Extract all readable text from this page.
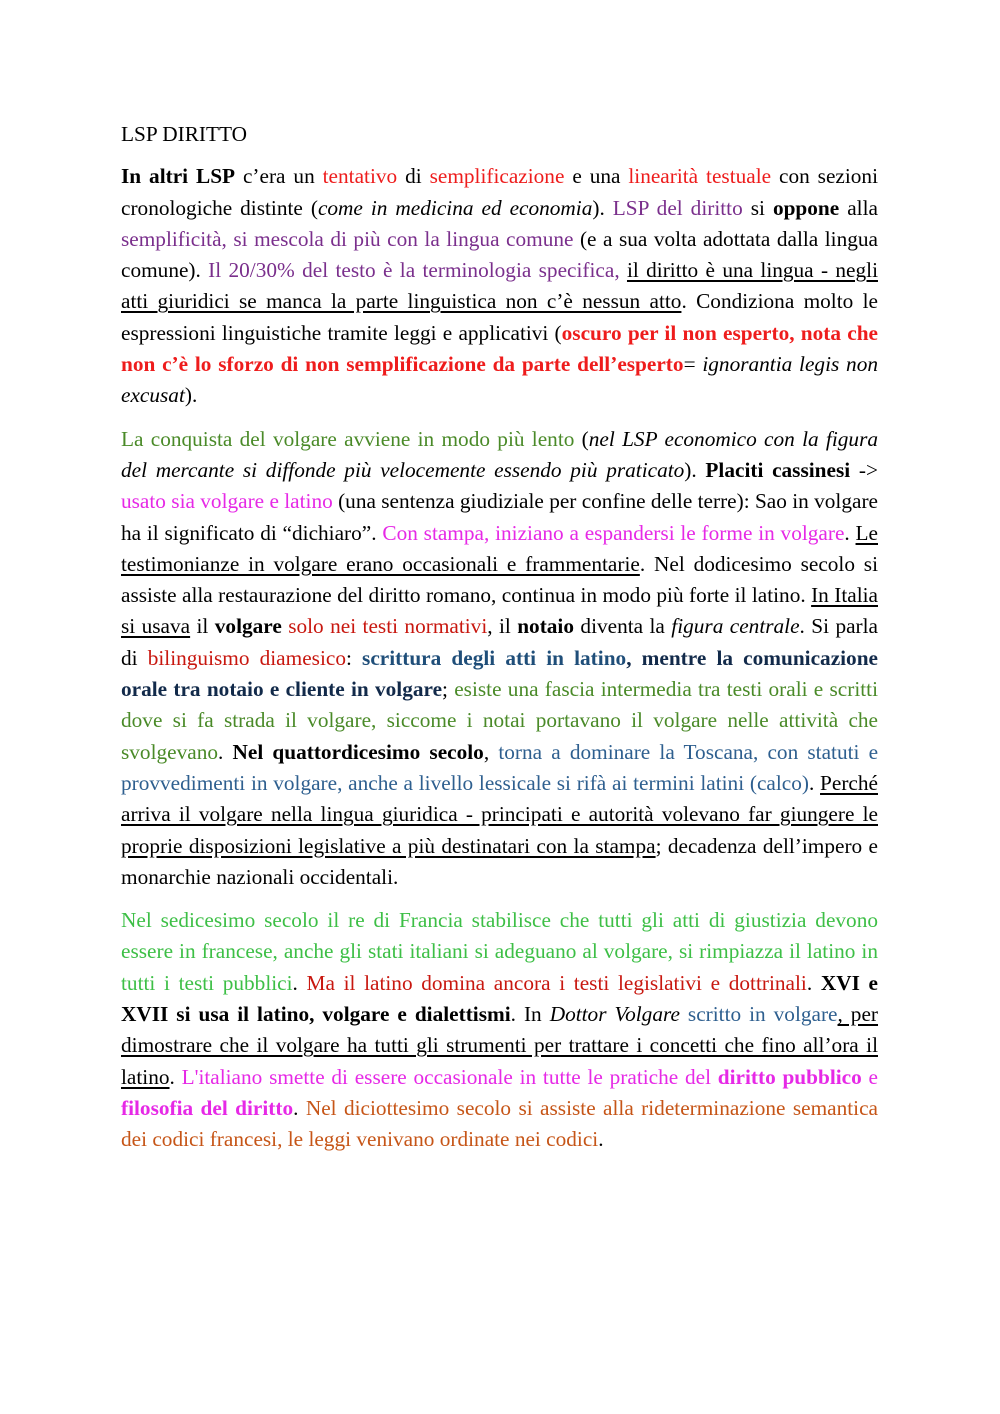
LSP DIRITTO

In altri LSP c’era un tentativo di semplificazione e una linearità testuale con sezioni cronologiche distinte (come in medicina ed economia). LSP del diritto si oppone alla semplificità, si mescola di più con la lingua comune (e a sua volta adottata dalla lingua comune). Il 20/30% del testo è la terminologia specifica, il diritto è una lingua - negli atti giuridici se manca la parte linguistica non c’è nessun atto. Condiziona molto le espressioni linguistiche tramite leggi e applicativi (oscuro per il non esperto, nota che non c’è lo sforzo di non semplificazione da parte dell’esperto= ignorantia legis non excusat).

La conquista del volgare avviene in modo più lento (nel LSP economico con la figura del mercante si diffonde più velocemente essendo più praticato). Placiti cassinesi -> usato sia volgare e latino (una sentenza giudiziale per confine delle terre): Sao in volgare ha il significato di “dichiaro”. Con stampa, iniziano a espandersi le forme in volgare. Le testimonianze in volgare erano occasionali e frammentarie. Nel dodicesimo secolo si assiste alla restaurazione del diritto romano, continua in modo più forte il latino. In Italia si usava il volgare solo nei testi normativi, il notaio diventa la figura centrale. Si parla di bilinguismo diamesico: scrittura degli atti in latino, mentre la comunicazione orale tra notaio e cliente in volgare; esiste una fascia intermedia tra testi orali e scritti dove si fa strada il volgare, siccome i notai portavano il volgare nelle attività che svolgevano. Nel quattordicesimo secolo, torna a dominare la Toscana, con statuti e provvedimenti in volgare, anche a livello lessicale si rifà ai termini latini (calco). Perché arriva il volgare nella lingua giuridica - principati e autorità volevano far giungere le proprie disposizioni legislative a più destinatari con la stampa; decadenza dell’impero e monarchie nazionali occidentali.

Nel sedicesimo secolo il re di Francia stabilisce che tutti gli atti di giustizia devono essere in francese, anche gli stati italiani si adeguano al volgare, si rimpiazza il latino in tutti i testi pubblici. Ma il latino domina ancora i testi legislativi e dottrinali. XVI e XVII si usa il latino, volgare e dialettismi. In Dottor Volgare scritto in volgare, per dimostrare che il volgare ha tutti gli strumenti per trattare i concetti che fino all’ora il latino. L'italiano smette di essere occasionale in tutte le pratiche del diritto pubblico e filosofia del diritto. Nel diciottesimo secolo si assiste alla rideterminazione semantica dei codici francesi, le leggi venivano ordinate nei codici.
